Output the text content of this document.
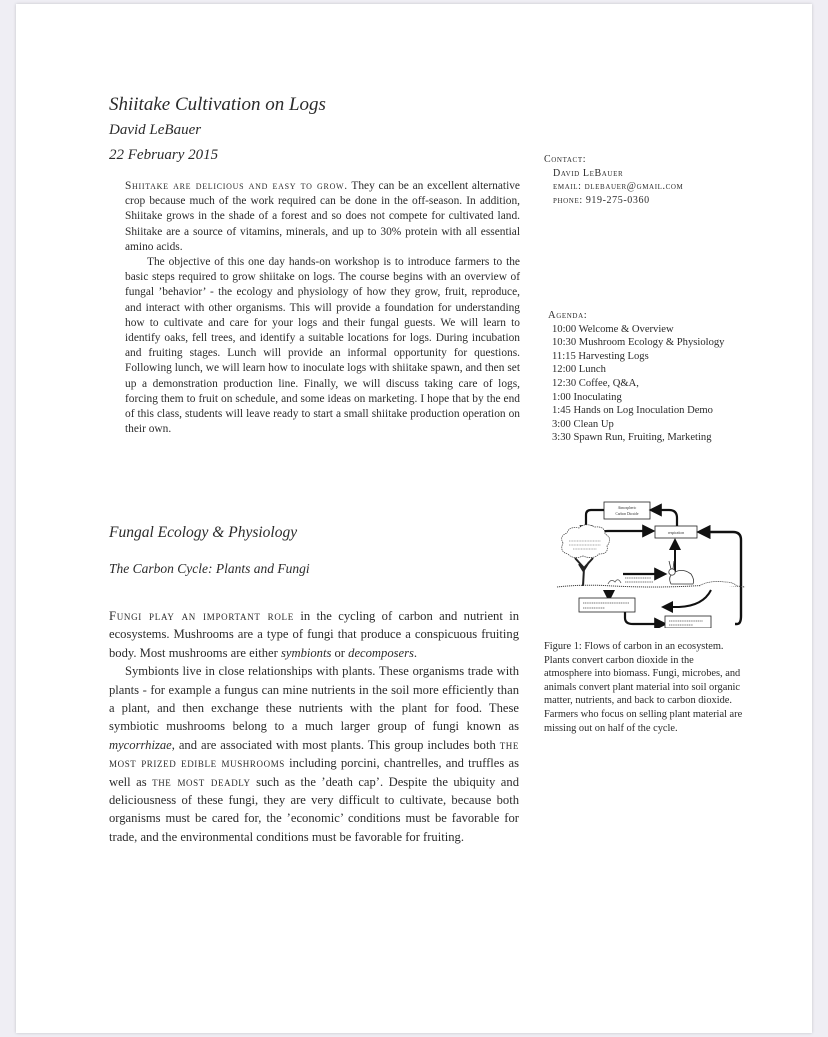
Shiitake Cultivation on Logs
David LeBauer
22 February 2015

Shiitake are delicious and easy to grow. They can be an excellent alternative crop because much of the work required can be done in the off-season. In addition, Shiitake grows in the shade of a forest and so does not compete for cultivated land. Shiitake are a source of vitamins, minerals, and up to 30% protein with all essential amino acids.

The objective of this one day hands-on workshop is to introduce farmers to the basic steps required to grow shiitake on logs. The course begins with an overview of fungal ’behavior’ - the ecology and physiology of how they grow, fruit, reproduce, and interact with other organisms. This will provide a foundation for understanding how to cultivate and care for your logs and their fungal guests. We will learn to identify oaks, fell trees, and identify a suitable locations for logs. During incubation and fruiting stages. Lunch will provide an informal opportunity for questions. Following lunch, we will learn how to inoculate logs with shiitake spawn, and then set up a demonstration production line. Finally, we will discuss taking care of logs, forcing them to fruit on schedule, and some ideas on marketing. I hope that by the end of this class, students will leave ready to start a small shiitake production operation on their own.

Contact:
David LeBauer
email: dlebauer@gmail.com
phone: 919-275-0360
Agenda:
10:00 Welcome & Overview
10:30 Mushroom Ecology & Physiology
11:15 Harvesting Logs
12:00 Lunch
12:30 Coffee, Q&A,
1:00 Inoculating
1:45 Hands on Log Inoculation Demo
3:00 Clean Up
3:30 Spawn Run, Fruiting, Marketing
Atmospheric
Carbon Dioxide
respiration
Figure 1: Flows of carbon in an ecosystem. Plants convert carbon dioxide in the atmosphere into biomass. Fungi, microbes, and animals convert plant material into soil organic matter, nutrients, and back to carbon dioxide. Farmers who focus on selling plant material are missing out on half of the cycle.
Fungal Ecology & Physiology
The Carbon Cycle: Plants and Fungi

Fungi play an important role in the cycling of carbon and nutrient in ecosystems. Mushrooms are a type of fungi that produce a conspicuous fruiting body. Most mushrooms are either symbionts or decomposers.

Symbionts live in close relationships with plants. These organisms trade with plants - for example a fungus can mine nutrients in the soil more efficiently than a plant, and then exchange these nutrients with the plant for food. These symbiotic mushrooms belong to a much larger group of fungi known as mycorrhizae, and are associated with most plants. This group includes both the most prized edible mushrooms including porcini, chantrelles, and truffles as well as the most deadly such as the ’death cap’. Despite the ubiquity and deliciousness of these fungi, they are very difficult to cultivate, because both organisms must be cared for, the ’economic’ conditions must be favorable for trade, and the environmental conditions must be favorable for fruiting.
